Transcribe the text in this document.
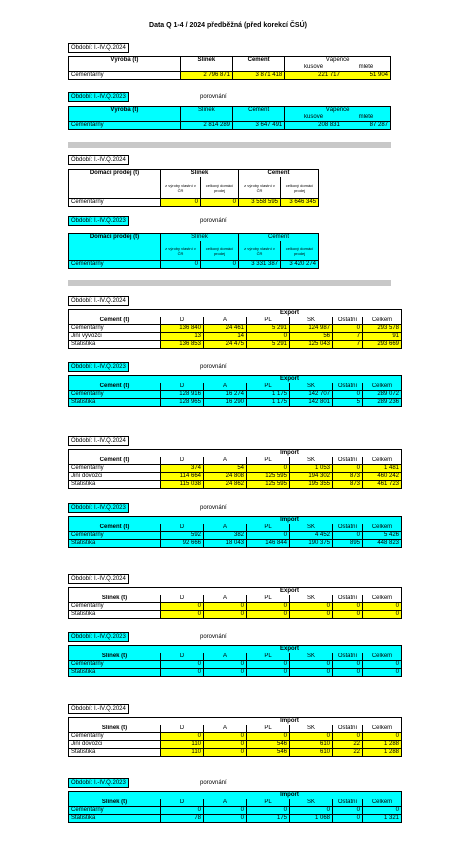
Data Q 1-4 / 2024 předběžná (před korekcí ČSÚ)
Období: I.-IV.Q.2024
Výroba (t)	Slínek	Cement	Vápence	
			kusové	mleté
Cementárny	2 796 871	3 871 418	221 717	51 904
Období: I.-IV.Q.2023	porovnání
Výroba (t)	Slínek	Cement	Vápence	
			kusové	mleté
Cementárny	2 814 289	3 647 491	208 831	87 287
Období: I.-IV.Q.2024
Domácí prodej (t)	Slínek		Cement	
	z výroby vlastní v ČR	celkový domácí prodej	z výroby vlastní v ČR	celkový domácí prodej
Cementárny	0	0	3 558 595	3 646 345
Období: I.-IV.Q.2023	porovnání
Domácí prodej (t)	Slínek		Cement	
	z výroby vlastní v ČR	celkový domácí prodej	z výroby vlastní v ČR	celkový domácí prodej
Cementárny	0	0	3 331 387	3 420 274
Období: I.-IV.Q.2024
			Export			
Cement (t)	D	A	PL	SK	Ostatní	Celkem
Cementárny	136 840	24 461	5 291	124 987	0	293 578
Jiní vývozci	13	14	0	56	7	91
Statistika	136 853	24 475	5 291	125 043	7	293 669
Období: I.-IV.Q.2023	porovnání
			Export			
Cement (t)	D	A	PL	SK	Ostatní	Celkem
Cementárny	128 916	16 274	1 175	142 707	0	289 072
Statistika	128 965	16 290	1 175	142 801	5	289 236
Období: I.-IV.Q.2024
			Import			
Cement (t)	D	A	PL	SK	Ostatní	Celkem
Cementárny	374	54	0	1 053	0	1 481
Jiní dovozci	114 664	24 808	125 595	194 302	873	460 242
Statistika	115 038	24 862	125 595	195 355	873	461 723
Období: I.-IV.Q.2023	porovnání
			Import			
Cement (t)	D	A	PL	SK	Ostatní	Celkem
Cementárny	592	382	0	4 452	0	5 426
Statistika	92 666	18 043	146 844	190 375	895	448 823
Období: I.-IV.Q.2024
			Export			
Slínek (t)	D	A	PL	SK	Ostatní	Celkem
Cementárny	0	0	0	0	0	0
Statistika	0	0	0	0	0	0
Období: I.-IV.Q.2023	porovnání
			Export			
Slínek (t)	D	A	PL	SK	Ostatní	Celkem
Cementárny	0	0	0	0	0	0
Statistika	0	0	0	0	0	0
Období: I.-IV.Q.2024
			Import			
Slínek (t)	D	A	PL	SK	Ostatní	Celkem
Cementárny	0	0	0	0	0	0
Jiní dovozci	110	0	546	610	22	1 288
Statistika	110	0	546	610	22	1 288
Období: I.-IV.Q.2023	porovnání
			Import			
Slínek (t)	D	A	PL	SK	Ostatní	Celkem
Cementárny	0	0	0	0	0	0
Statistika	78	0	175	1 068	0	1 321
